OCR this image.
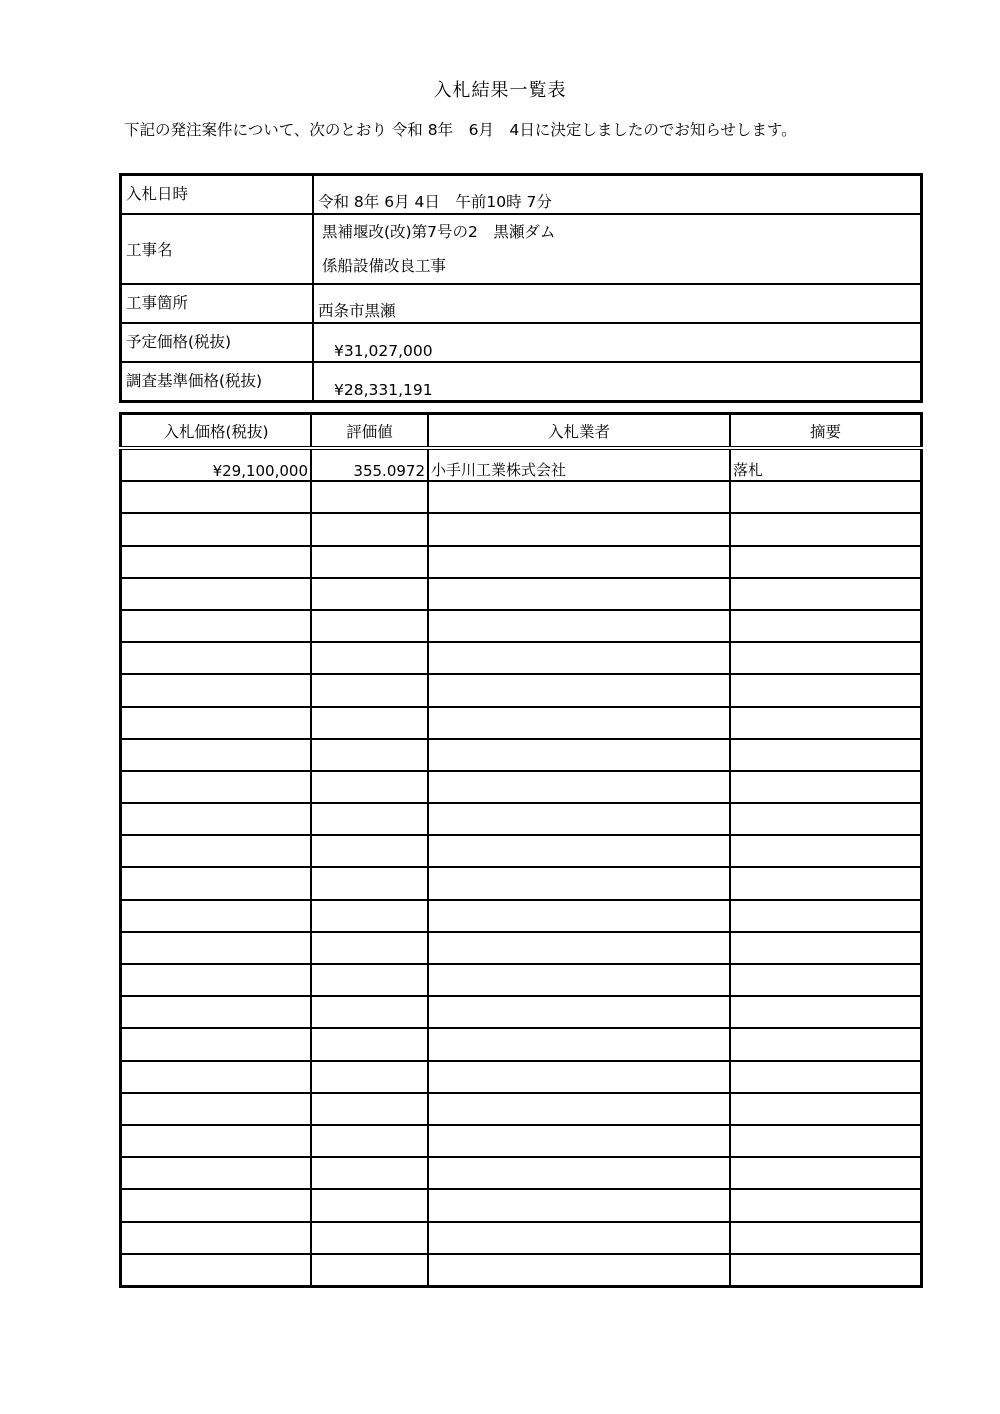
入札結果一覧表
下記の発注案件について、次のとおり 令和 8年　6月　4日に決定しましたのでお知らせします。
入札日時	令和 8年 6月 4日　午前10時 7分
工事名	黒補堰改(改)第7号の2　黒瀬ダム
係船設備改良工事

工事箇所	西条市黒瀬
予定価格(税抜)	¥31,027,000
調査基準価格(税抜)	¥28,331,191
入札価格(税抜)	評価値	入札業者	摘要
¥29,100,000	355.0972	小手川工業株式会社	落札
